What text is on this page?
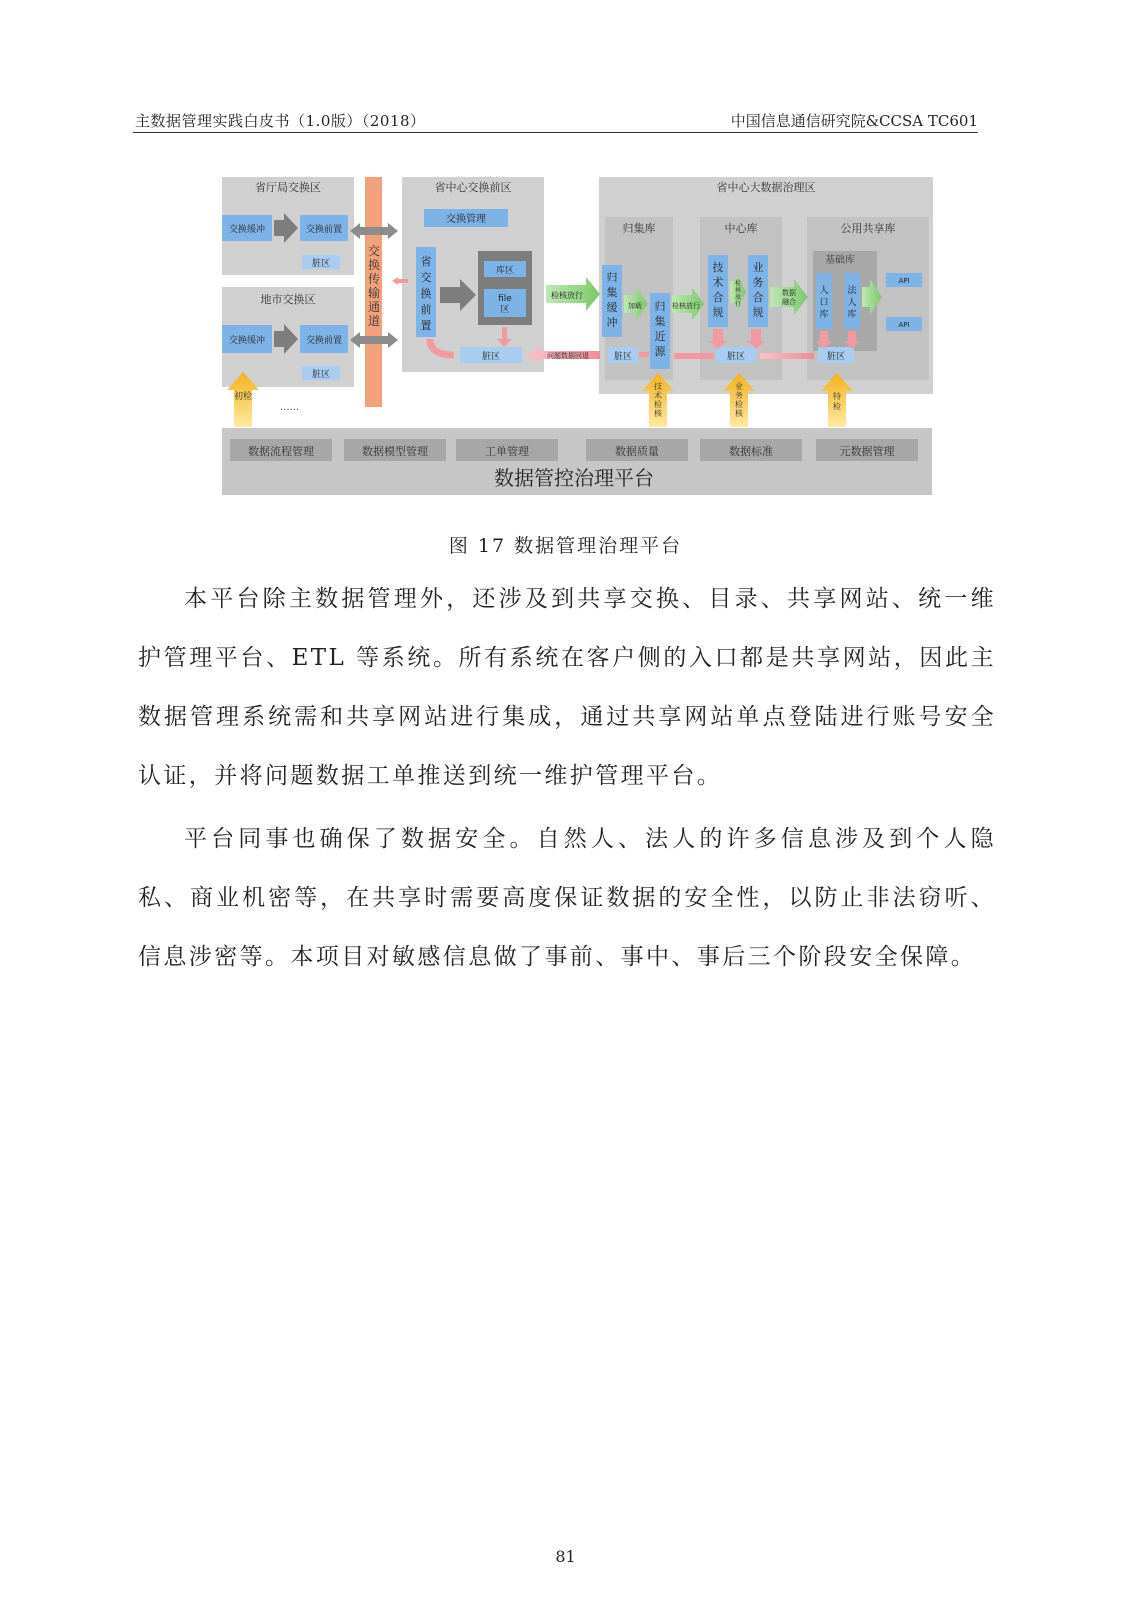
主数据管理实践白皮书（1.0版）（2018）	中国信息通信研究院&CCSA TC601
省厅局交换区
地市交换区
省中心交换前区	省中心大数据治理区
交换缓冲	交换前置
脏区
交换缓冲	交换前置
脏区
初检
......
交换传输通道
交换管理
省交换前置
库区
file 区
脏区
检核放行
问题数据回退
归集库	中心库	公用共享库
归集缓冲
加载 归集近源
脏区
检核放行
技术合规
检核放行
业务合规
数据融合
脏区
基础库
人口库
法人库
API
API
脏区
技术检核
业务检核
特检
数据流程管理	数据模型管理	工单管理	数据质量	数据标准	元数据管理
数据管控治理平台
图 17 数据管理治理平台

本平台除主数据管理外，还涉及到共享交换、目录、共享网站、统一维护管理平台、ETL 等系统。所有系统在客户侧的入口都是共享网站，因此主数据管理系统需和共享网站进行集成，通过共享网站单点登陆进行账号安全认证，并将问题数据工单推送到统一维护管理平台。

平台同事也确保了数据安全。自然人、法人的许多信息涉及到个人隐私、商业机密等，在共享时需要高度保证数据的安全性，以防止非法窃听、信息涉密等。本项目对敏感信息做了事前、事中、事后三个阶段安全保障。

81
